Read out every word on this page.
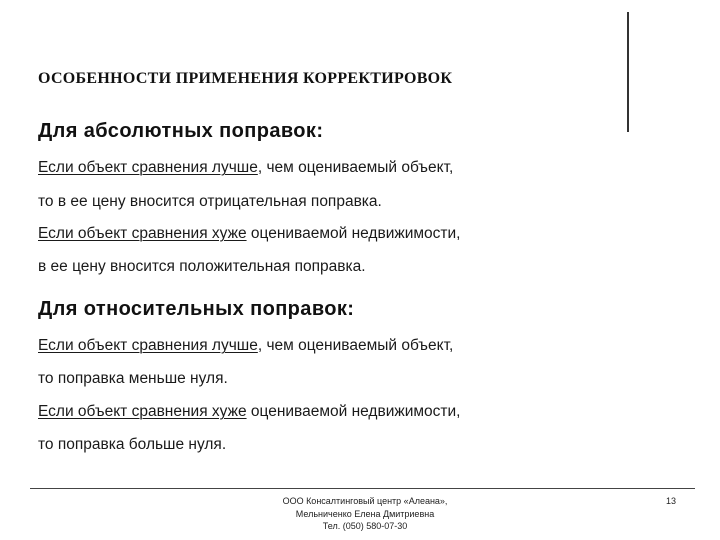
ОСОБЕННОСТИ ПРИМЕНЕНИЯ КОРРЕКТИРОВОК
Для абсолютных поправок:
Если объект сравнения лучше, чем оцениваемый объект,
то в ее цену вносится отрицательная поправка.
Если объект сравнения хуже оцениваемой недвижимости,
в ее цену вносится положительная поправка.
Для относительных поправок:
Если объект сравнения лучше, чем оцениваемый объект,
то поправка меньше нуля.
Если объект сравнения хуже оцениваемой недвижимости,
то поправка больше нуля.
ООО Консалтинговый центр «Алеана»,
Мельниченко Елена Дмитриевна
Тел. (050) 580-07-30
13
